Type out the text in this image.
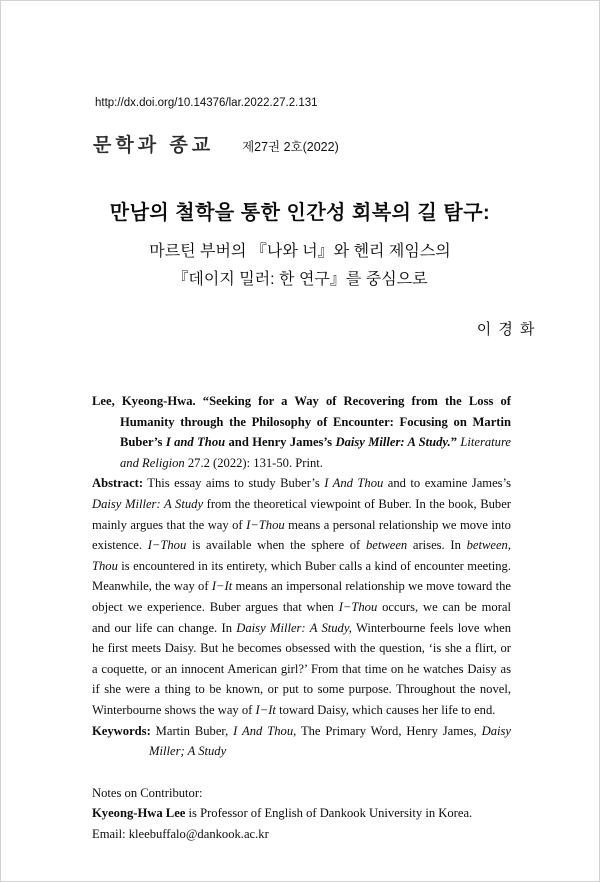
http://dx.doi.org/10.14376/lar.2022.27.2.131
문학과 종교 제27권 2호(2022)
만남의 철학을 통한 인간성 회복의 길 탐구:
마르틴 부버의 『나와 너』와 헨리 제임스의
『데이지 밀러: 한 연구』를 중심으로
이 경 화

Lee, Kyeong-Hwa. “Seeking for a Way of Recovering from the Loss of Humanity through the Philosophy of Encounter: Focusing on Martin Buber’s I and Thou and Henry James’s Daisy Miller: A Study.” Literature and Religion 27.2 (2022): 131-50. Print.

Abstract: This essay aims to study Buber’s I And Thou and to examine James’s Daisy Miller: A Study from the theoretical viewpoint of Buber. In the book, Buber mainly argues that the way of I−Thou means a personal relationship we move into existence. I−Thou is available when the sphere of between arises. In between, Thou is encountered in its entirety, which Buber calls a kind of encounter meeting. Meanwhile, the way of I−It means an impersonal relationship we move toward the object we experience. Buber argues that when I−Thou occurs, we can be moral and our life can change. In Daisy Miller: A Study, Winterbourne feels love when he first meets Daisy. But he becomes obsessed with the question, ‘is she a flirt, or a coquette, or an innocent American girl?’ From that time on he watches Daisy as if she were a thing to be known, or put to some purpose. Throughout the novel, Winterbourne shows the way of I−It toward Daisy, which causes her life to end.

Keywords: Martin Buber, I And Thou, The Primary Word, Henry James, Daisy Miller; A Study

Notes on Contributor:

Kyeong-Hwa Lee is Professor of English of Dankook University in Korea.

Email: kleebuffalo@dankook.ac.kr
